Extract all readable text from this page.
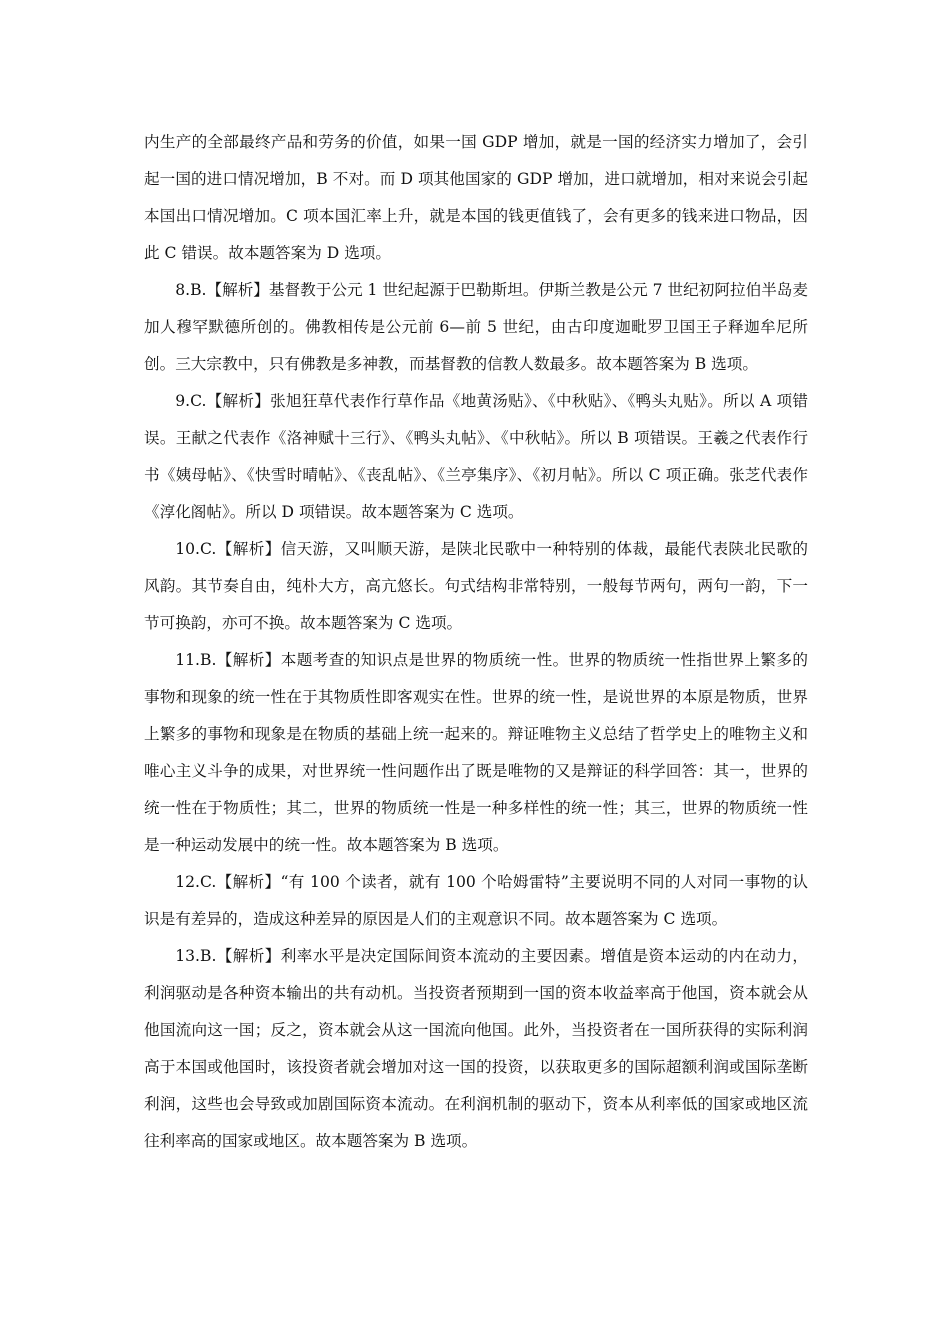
内生产的全部最终产品和劳务的价值，如果一国 GDP 增加，就是一国的经济实力增加了，会引起一国的进口情况增加，B 不对。而 D 项其他国家的 GDP 增加，进口就增加，相对来说会引起本国出口情况增加。C 项本国汇率上升，就是本国的钱更值钱了，会有更多的钱来进口物品，因此 C 错误。故本题答案为 D 选项。

8.B.【解析】基督教于公元 1 世纪起源于巴勒斯坦。伊斯兰教是公元 7 世纪初阿拉伯半岛麦加人穆罕默德所创的。佛教相传是公元前 6—前 5 世纪，由古印度迦毗罗卫国王子释迦牟尼所创。三大宗教中，只有佛教是多神教，而基督教的信教人数最多。故本题答案为 B 选项。

9.C.【解析】张旭狂草代表作行草作品《地黄汤贴》、《中秋贴》、《鸭头丸贴》。所以 A 项错误。王献之代表作《洛神赋十三行》、《鸭头丸帖》、《中秋帖》。所以 B 项错误。王羲之代表作行书《姨母帖》、《快雪时晴帖》、《丧乱帖》、《兰亭集序》、《初月帖》。所以 C 项正确。张芝代表作《淳化阁帖》。所以 D 项错误。故本题答案为 C 选项。

10.C.【解析】信天游，又叫顺天游，是陕北民歌中一种特别的体裁，最能代表陕北民歌的风韵。其节奏自由，纯朴大方，高亢悠长。句式结构非常特别，一般每节两句，两句一韵，下一节可换韵，亦可不换。故本题答案为 C 选项。

11.B.【解析】本题考查的知识点是世界的物质统一性。世界的物质统一性指世界上繁多的事物和现象的统一性在于其物质性即客观实在性。世界的统一性，是说世界的本原是物质，世界上繁多的事物和现象是在物质的基础上统一起来的。辩证唯物主义总结了哲学史上的唯物主义和唯心主义斗争的成果，对世界统一性问题作出了既是唯物的又是辩证的科学回答：其一，世界的统一性在于物质性；其二，世界的物质统一性是一种多样性的统一性；其三，世界的物质统一性是一种运动发展中的统一性。故本题答案为 B 选项。

12.C.【解析】“有 100 个读者，就有 100 个哈姆雷特”主要说明不同的人对同一事物的认识是有差异的，造成这种差异的原因是人们的主观意识不同。故本题答案为 C 选项。

13.B.【解析】利率水平是决定国际间资本流动的主要因素。增值是资本运动的内在动力，利润驱动是各种资本输出的共有动机。当投资者预期到一国的资本收益率高于他国，资本就会从他国流向这一国；反之，资本就会从这一国流向他国。此外，当投资者在一国所获得的实际利润高于本国或他国时，该投资者就会增加对这一国的投资，以获取更多的国际超额利润或国际垄断利润，这些也会导致或加剧国际资本流动。在利润机制的驱动下，资本从利率低的国家或地区流往利率高的国家或地区。故本题答案为 B 选项。
